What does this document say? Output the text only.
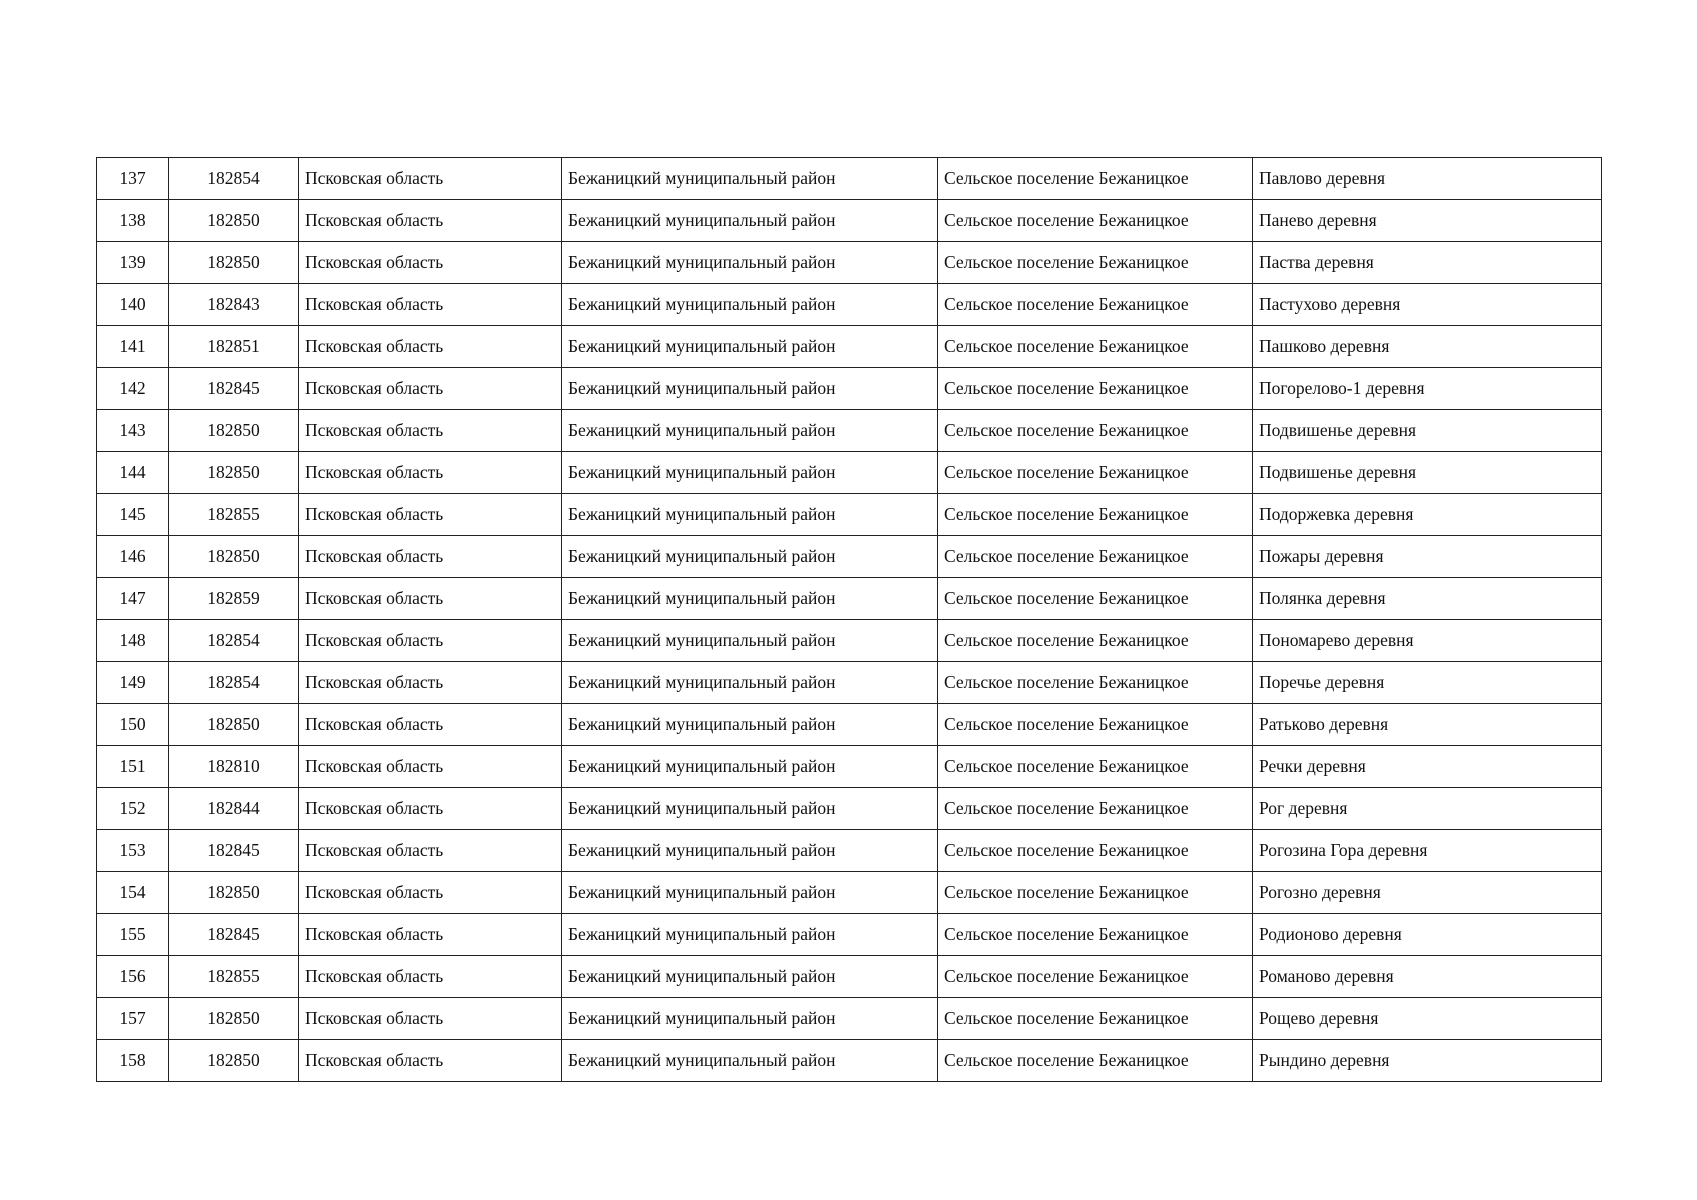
137	182854	Псковская область	Бежаницкий муниципальный район	Сельское поселение Бежаницкое	Павлово деревня
138	182850	Псковская область	Бежаницкий муниципальный район	Сельское поселение Бежаницкое	Панево деревня
139	182850	Псковская область	Бежаницкий муниципальный район	Сельское поселение Бежаницкое	Паства деревня
140	182843	Псковская область	Бежаницкий муниципальный район	Сельское поселение Бежаницкое	Пастухово деревня
141	182851	Псковская область	Бежаницкий муниципальный район	Сельское поселение Бежаницкое	Пашково деревня
142	182845	Псковская область	Бежаницкий муниципальный район	Сельское поселение Бежаницкое	Погорелово-1 деревня
143	182850	Псковская область	Бежаницкий муниципальный район	Сельское поселение Бежаницкое	Подвишенье деревня
144	182850	Псковская область	Бежаницкий муниципальный район	Сельское поселение Бежаницкое	Подвишенье деревня
145	182855	Псковская область	Бежаницкий муниципальный район	Сельское поселение Бежаницкое	Подоржевка деревня
146	182850	Псковская область	Бежаницкий муниципальный район	Сельское поселение Бежаницкое	Пожары деревня
147	182859	Псковская область	Бежаницкий муниципальный район	Сельское поселение Бежаницкое	Полянка деревня
148	182854	Псковская область	Бежаницкий муниципальный район	Сельское поселение Бежаницкое	Пономарево деревня
149	182854	Псковская область	Бежаницкий муниципальный район	Сельское поселение Бежаницкое	Поречье деревня
150	182850	Псковская область	Бежаницкий муниципальный район	Сельское поселение Бежаницкое	Ратьково деревня
151	182810	Псковская область	Бежаницкий муниципальный район	Сельское поселение Бежаницкое	Речки деревня
152	182844	Псковская область	Бежаницкий муниципальный район	Сельское поселение Бежаницкое	Рог деревня
153	182845	Псковская область	Бежаницкий муниципальный район	Сельское поселение Бежаницкое	Рогозина Гора деревня
154	182850	Псковская область	Бежаницкий муниципальный район	Сельское поселение Бежаницкое	Рогозно деревня
155	182845	Псковская область	Бежаницкий муниципальный район	Сельское поселение Бежаницкое	Родионово деревня
156	182855	Псковская область	Бежаницкий муниципальный район	Сельское поселение Бежаницкое	Романово деревня
157	182850	Псковская область	Бежаницкий муниципальный район	Сельское поселение Бежаницкое	Рощево деревня
158	182850	Псковская область	Бежаницкий муниципальный район	Сельское поселение Бежаницкое	Рындино деревня
